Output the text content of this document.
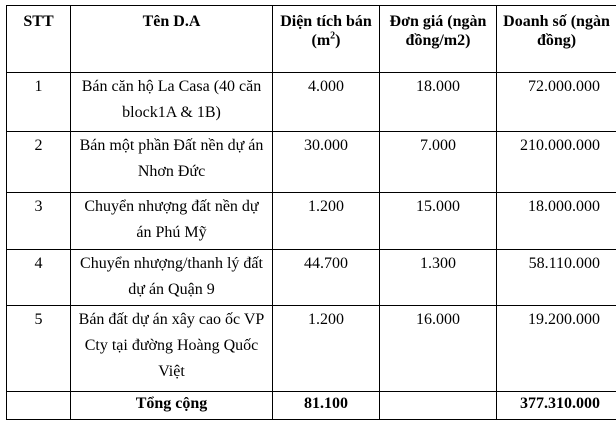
STT	Tên D.A	Diện tích bán $(m^2)$	Đơn giá (ngàn đồng/m2)	Doanh số (ngàn đồng)
1	Bán căn hộ La Casa (40 căn block1A & 1B)	4.000	18.000	72.000.000
2	Bán một phần Đất nền dự án Nhơn Đức	30.000	7.000	210.000.000
3	Chuyển nhượng đất nền dự án Phú Mỹ	1.200	15.000	18.000.000
4	Chuyển nhượng/thanh lý đất dự án Quận 9	44.700	1.300	58.110.000
5	Bán đất dự án xây cao ốc VP Cty tại đường Hoàng Quốc Việt	1.200	16.000	19.200.000
	Tổng cộng	81.100		377.310.000
